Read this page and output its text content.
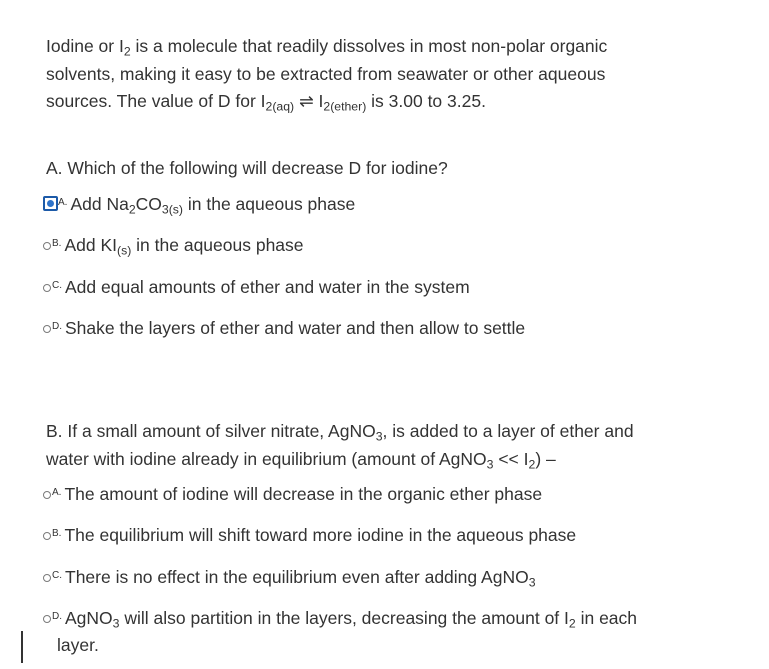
Iodine or $I_2$ is a molecule that readily dissolves in most non-polar organic
solvents, making it easy to be extracted from seawater or other aqueous
sources. The value of D for $I_{2(aq)}$ ⇌ $I_{2(ether)}$ is 3.00 to 3.25.
A. Which of the following will decrease D for iodine?
$^{A.}$ Add $Na_2CO_{3(s)}$ in the aqueous phase
$^{B.}$ Add $KI_{(s)}$ in the aqueous phase
$^{C.}$ Add equal amounts of ether and water in the system
$^{D.}$ Shake the layers of ether and water and then allow to settle
B. If a small amount of silver nitrate, AgNO$_3$, is added to a layer of ether and
water with iodine already in equilibrium (amount of AgNO$_3$ << $I_2$) –
$^{A.}$ The amount of iodine will decrease in the organic ether phase
$^{B.}$ The equilibrium will shift toward more iodine in the aqueous phase
$^{C.}$ There is no effect in the equilibrium even after adding AgNO$_3$
$^{D.}$ AgNO$_3$ will also partition in the layers, decreasing the amount of $I_2$ in each
layer.
